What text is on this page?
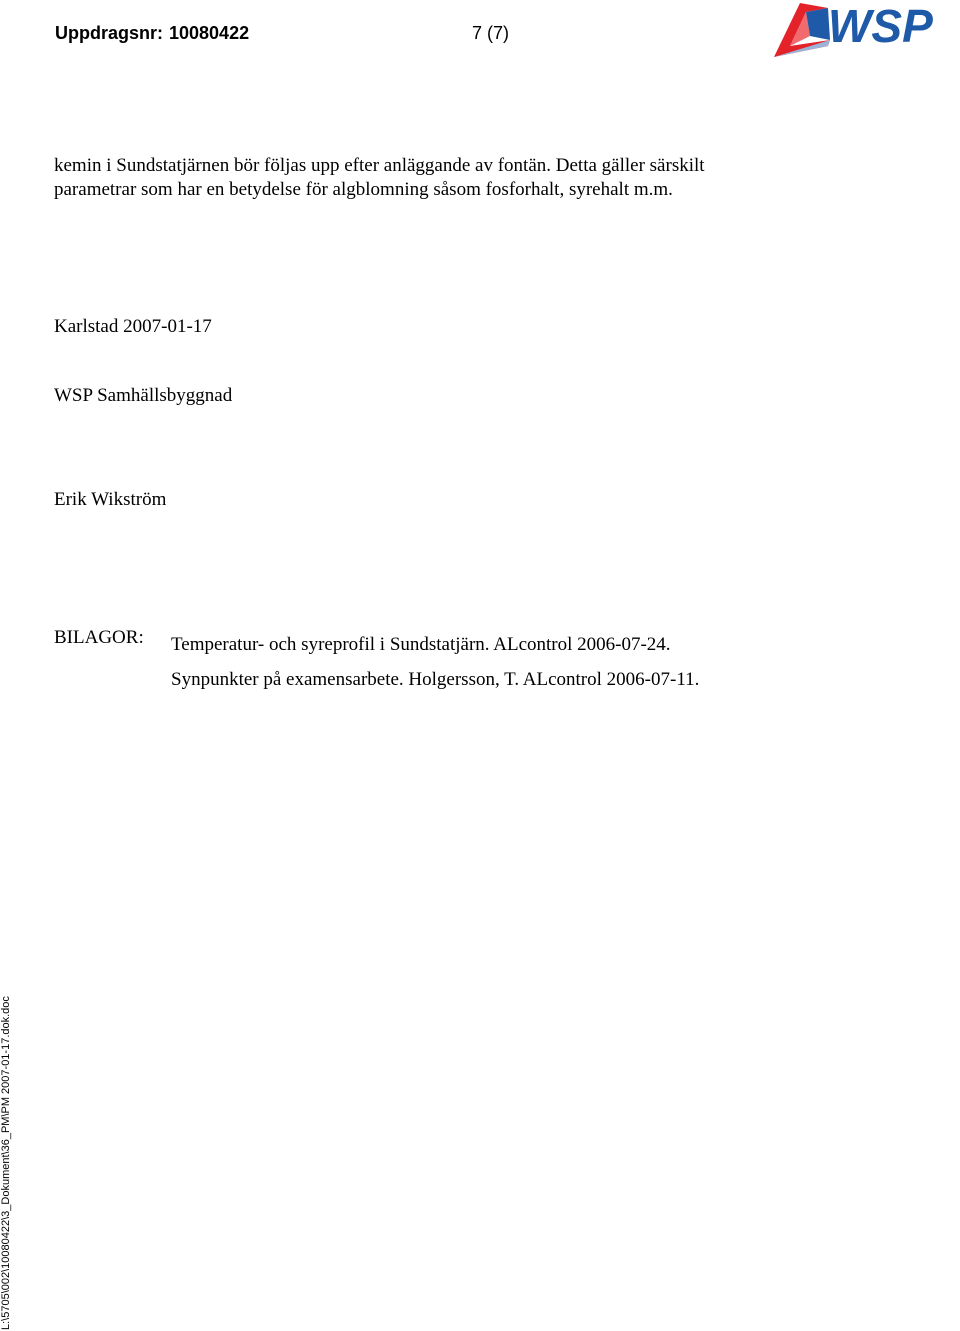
Uppdragsnr: 10080422	7 (7)	WSP

kemin i Sundstatjärnen bör följas upp efter anläggande av fontän. Detta gäller särskilt

parametrar som har en betydelse för algblomning såsom fosforhalt, syrehalt m.m.

Karlstad 2007-01-17
WSP Samhällsbyggnad
Erik Wikström
BILAGOR: Temperatur- och syreprofil i Sundstatjärn. ALcontrol 2006-07-24.
Synpunkter på examensarbete. Holgersson, T. ALcontrol 2006-07-11.
L:\5705\002\10080422\3_Dokument\36_PM\PM 2007-01-17.dok.doc
